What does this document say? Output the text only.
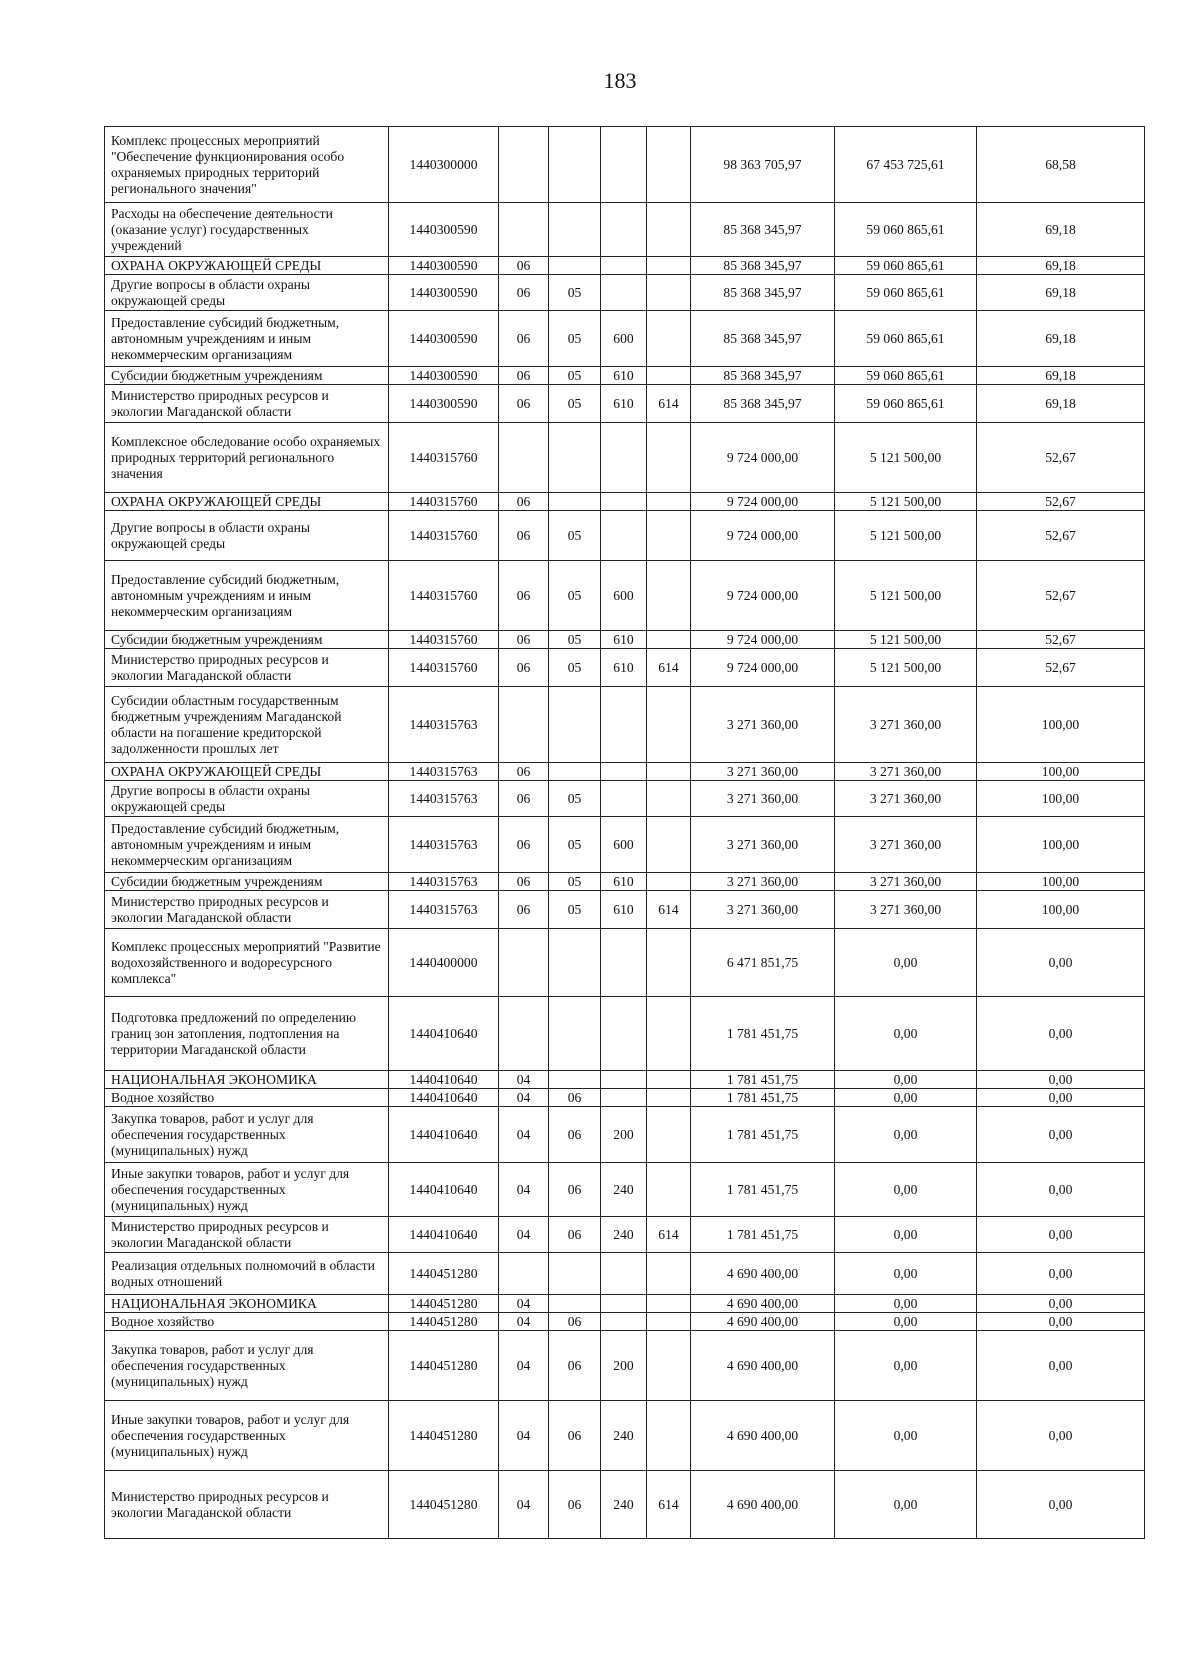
183
Комплекс процессных мероприятий "Обеспечение функционирования особо охраняемых природных территорий регионального значения"	1440300000					98 363 705,97	67 453 725,61	68,58
Расходы на обеспечение деятельности (оказание услуг) государственных учреждений	1440300590					85 368 345,97	59 060 865,61	69,18
ОХРАНА ОКРУЖАЮЩЕЙ СРЕДЫ	1440300590	06				85 368 345,97	59 060 865,61	69,18
Другие вопросы в области охраны окружающей среды	1440300590	06	05			85 368 345,97	59 060 865,61	69,18
Предоставление субсидий бюджетным, автономным учреждениям и иным некоммерческим организациям	1440300590	06	05	600		85 368 345,97	59 060 865,61	69,18
Субсидии бюджетным учреждениям	1440300590	06	05	610		85 368 345,97	59 060 865,61	69,18
Министерство природных ресурсов и экологии Магаданской области	1440300590	06	05	610	614	85 368 345,97	59 060 865,61	69,18
Комплексное обследование особо охраняемых природных территорий регионального значения	1440315760					9 724 000,00	5 121 500,00	52,67
ОХРАНА ОКРУЖАЮЩЕЙ СРЕДЫ	1440315760	06				9 724 000,00	5 121 500,00	52,67
Другие вопросы в области охраны окружающей среды	1440315760	06	05			9 724 000,00	5 121 500,00	52,67
Предоставление субсидий бюджетным, автономным учреждениям и иным некоммерческим организациям	1440315760	06	05	600		9 724 000,00	5 121 500,00	52,67
Субсидии бюджетным учреждениям	1440315760	06	05	610		9 724 000,00	5 121 500,00	52,67
Министерство природных ресурсов и экологии Магаданской области	1440315760	06	05	610	614	9 724 000,00	5 121 500,00	52,67
Субсидии областным государственным бюджетным учреждениям Магаданской области на погашение кредиторской задолженности прошлых лет	1440315763					3 271 360,00	3 271 360,00	100,00
ОХРАНА ОКРУЖАЮЩЕЙ СРЕДЫ	1440315763	06				3 271 360,00	3 271 360,00	100,00
Другие вопросы в области охраны окружающей среды	1440315763	06	05			3 271 360,00	3 271 360,00	100,00
Предоставление субсидий бюджетным, автономным учреждениям и иным некоммерческим организациям	1440315763	06	05	600		3 271 360,00	3 271 360,00	100,00
Субсидии бюджетным учреждениям	1440315763	06	05	610		3 271 360,00	3 271 360,00	100,00
Министерство природных ресурсов и экологии Магаданской области	1440315763	06	05	610	614	3 271 360,00	3 271 360,00	100,00
Комплекс процессных мероприятий "Развитие водохозяйственного и водоресурсного комплекса"	1440400000					6 471 851,75	0,00	0,00
Подготовка предложений по определению границ зон затопления, подтопления на территории Магаданской области	1440410640					1 781 451,75	0,00	0,00
НАЦИОНАЛЬНАЯ ЭКОНОМИКА	1440410640	04				1 781 451,75	0,00	0,00
Водное хозяйство	1440410640	04	06			1 781 451,75	0,00	0,00
Закупка товаров, работ и услуг для обеспечения государственных (муниципальных) нужд	1440410640	04	06	200		1 781 451,75	0,00	0,00
Иные закупки товаров, работ и услуг для обеспечения государственных (муниципальных) нужд	1440410640	04	06	240		1 781 451,75	0,00	0,00
Министерство природных ресурсов и экологии Магаданской области	1440410640	04	06	240	614	1 781 451,75	0,00	0,00
Реализация отдельных полномочий в области водных отношений	1440451280					4 690 400,00	0,00	0,00
НАЦИОНАЛЬНАЯ ЭКОНОМИКА	1440451280	04				4 690 400,00	0,00	0,00
Водное хозяйство	1440451280	04	06			4 690 400,00	0,00	0,00
Закупка товаров, работ и услуг для обеспечения государственных (муниципальных) нужд	1440451280	04	06	200		4 690 400,00	0,00	0,00
Иные закупки товаров, работ и услуг для обеспечения государственных (муниципальных) нужд	1440451280	04	06	240		4 690 400,00	0,00	0,00
Министерство природных ресурсов и экологии Магаданской области	1440451280	04	06	240	614	4 690 400,00	0,00	0,00
